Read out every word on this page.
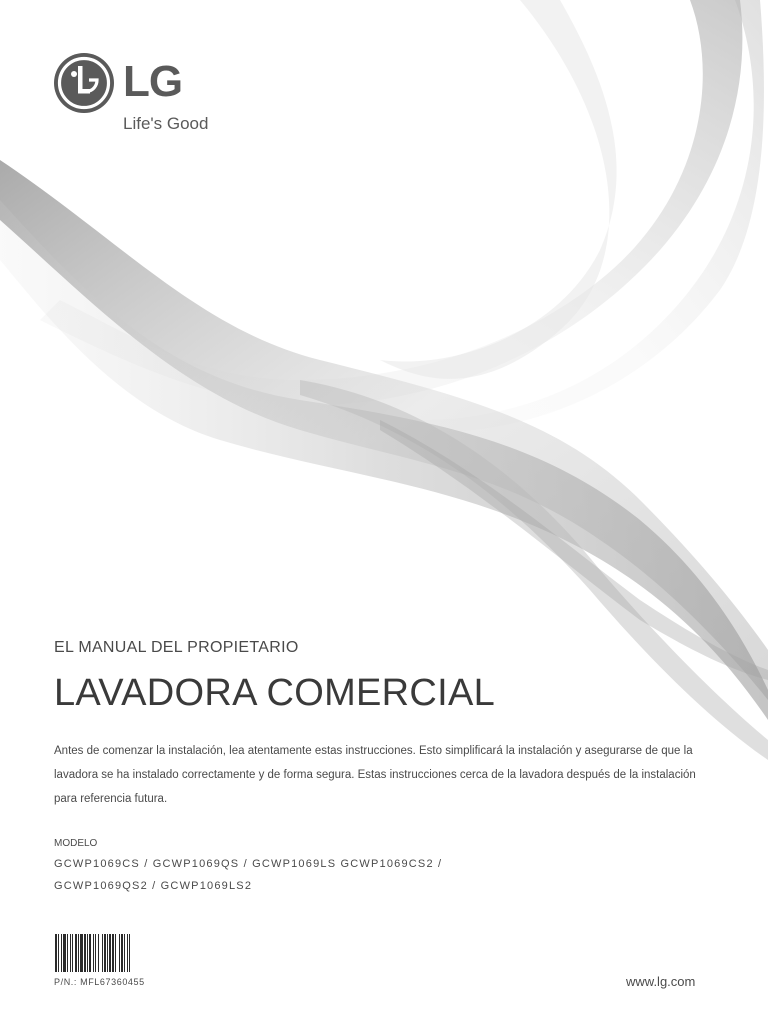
LG
Life's Good
EL MANUAL DEL PROPIETARIO
LAVADORA COMERCIAL
Antes de comenzar la instalación, lea atentamente estas instrucciones. Esto simplificará la instalación y asegurarse de que la lavadora se ha instalado correctamente y de forma segura. Estas instrucciones cerca de la lavadora después de la instalación para referencia futura.
MODELO
GCWP1069CS / GCWP1069QS / GCWP1069LS GCWP1069CS2 /
GCWP1069QS2 / GCWP1069LS2
P/N.: MFL67360455	www.lg.com
